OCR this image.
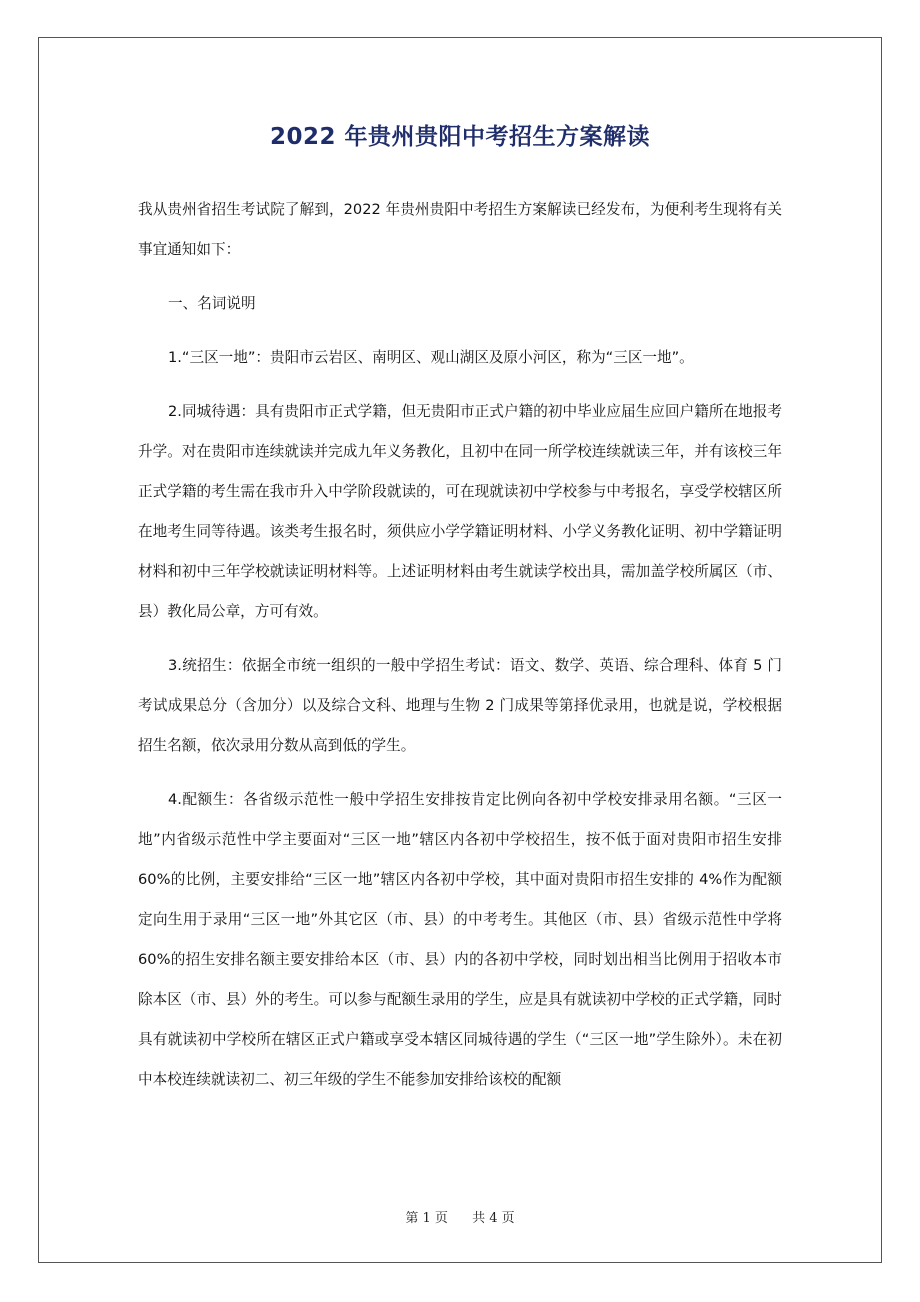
2022 年贵州贵阳中考招生方案解读

我从贵州省招生考试院了解到，2022 年贵州贵阳中考招生方案解读已经发布，为便利考生现将有关事宜通知如下：

一、名词说明

1.“三区一地”：贵阳市云岩区、南明区、观山湖区及原小河区，称为“三区一地”。

2.同城待遇：具有贵阳市正式学籍，但无贵阳市正式户籍的初中毕业应届生应回户籍所在地报考升学。对在贵阳市连续就读并完成九年义务教化，且初中在同一所学校连续就读三年，并有该校三年正式学籍的考生需在我市升入中学阶段就读的，可在现就读初中学校参与中考报名，享受学校辖区所在地考生同等待遇。该类考生报名时，须供应小学学籍证明材料、小学义务教化证明、初中学籍证明材料和初中三年学校就读证明材料等。上述证明材料由考生就读学校出具，需加盖学校所属区（市、县）教化局公章，方可有效。

3.统招生：依据全市统一组织的一般中学招生考试：语文、数学、英语、综合理科、体育 5 门考试成果总分（含加分）以及综合文科、地理与生物 2 门成果等第择优录用，也就是说，学校根据招生名额，依次录用分数从高到低的学生。

4.配额生：各省级示范性一般中学招生安排按肯定比例向各初中学校安排录用名额。“三区一地”内省级示范性中学主要面对“三区一地”辖区内各初中学校招生，按不低于面对贵阳市招生安排 60%的比例，主要安排给“三区一地”辖区内各初中学校，其中面对贵阳市招生安排的 4%作为配额定向生用于录用“三区一地”外其它区（市、县）的中考考生。其他区（市、县）省级示范性中学将 60%的招生安排名额主要安排给本区（市、县）内的各初中学校，同时划出相当比例用于招收本市除本区（市、县）外的考生。可以参与配额生录用的学生，应是具有就读初中学校的正式学籍，同时具有就读初中学校所在辖区正式户籍或享受本辖区同城待遇的学生（“三区一地”学生除外）。未在初中本校连续就读初二、初三年级的学生不能参加安排给该校的配额

第 1 页 共 4 页
